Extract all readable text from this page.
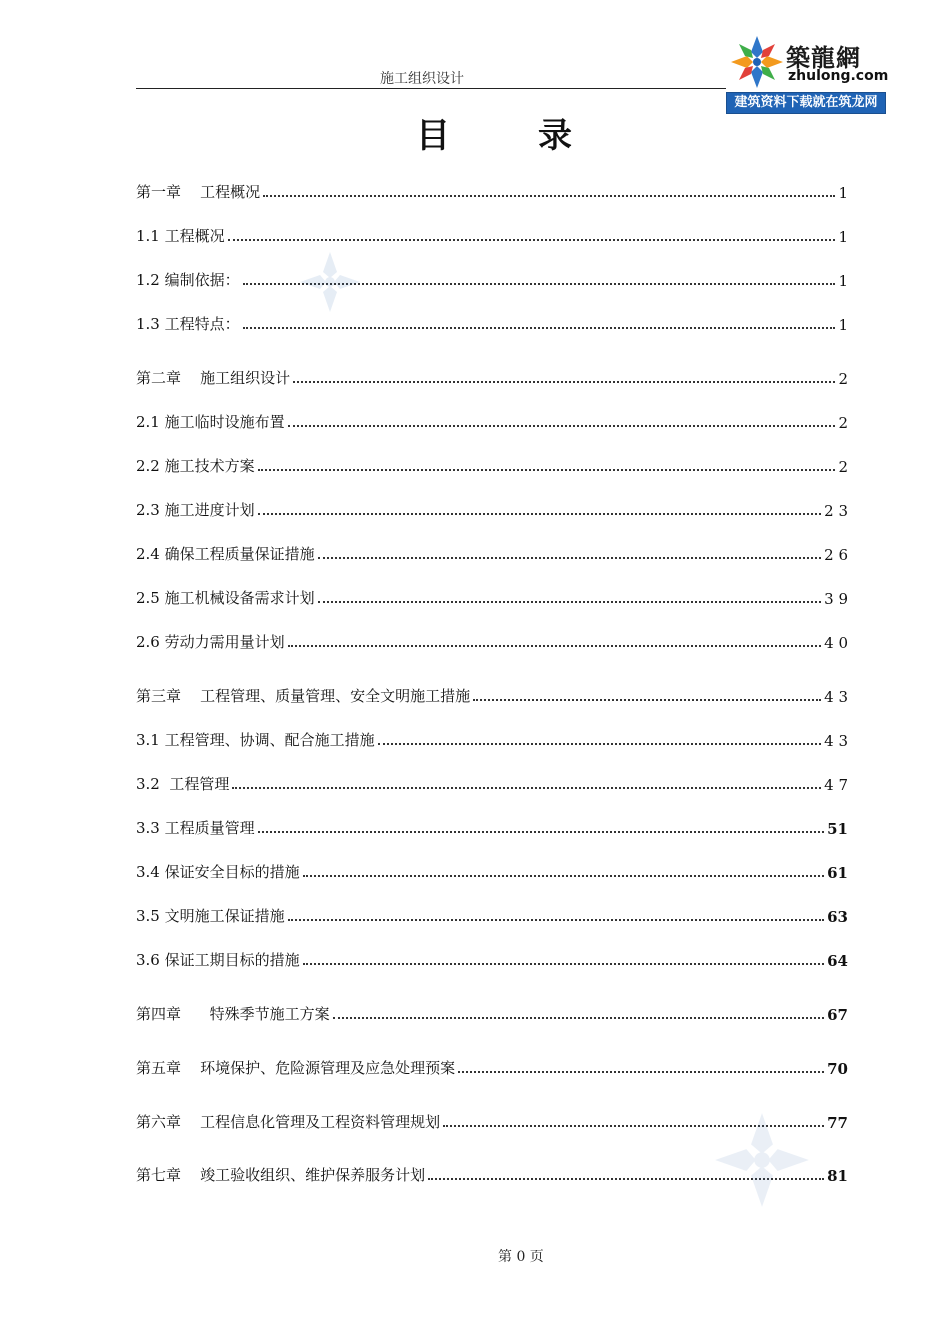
施工组织设计
築龍網
zhulong.com
建筑资料下载就在筑龙网
目	录
第一章    工程概况	1
1.1 工程概况	1
1.2 编制依据：	1
1.3 工程特点：	1
第二章    施工组织设计	2
2.1 施工临时设施布置	2
2.2 施工技术方案	2
2.3 施工进度计划	2 3
2.4 确保工程质量保证措施	2 6
2.5 施工机械设备需求计划	3 9
2.6 劳动力需用量计划	4 0
第三章    工程管理、质量管理、安全文明施工措施	4 3
3.1 工程管理、协调、配合施工措施	4 3
3.2  工程管理	4 7
3.3 工程质量管理	51
3.4 保证安全目标的措施	61
3.5 文明施工保证措施	63
3.6 保证工期目标的措施	64
第四章      特殊季节施工方案	67
第五章    环境保护、危险源管理及应急处理预案	70
第六章    工程信息化管理及工程资料管理规划	77
第七章    竣工验收组织、维护保养服务计划	81
第 0 页
